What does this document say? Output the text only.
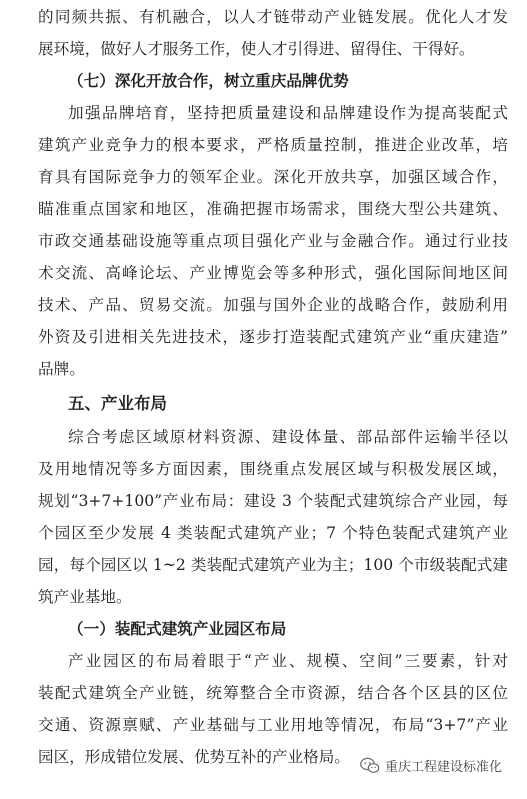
的同频共振、有机融合，以人才链带动产业链发展。优化人才发
展环境，做好人才服务工作，使人才引得进、留得住、干得好。
（七）深化开放合作，树立重庆品牌优势
加强品牌培育，坚持把质量建设和品牌建设作为提高装配式
建筑产业竞争力的根本要求，严格质量控制，推进企业改革，培
育具有国际竞争力的领军企业。深化开放共享，加强区域合作，
瞄准重点国家和地区，准确把握市场需求，围绕大型公共建筑、
市政交通基础设施等重点项目强化产业与金融合作。通过行业技
术交流、高峰论坛、产业博览会等多种形式，强化国际间地区间
技术、产品、贸易交流。加强与国外企业的战略合作，鼓励利用
外资及引进相关先进技术，逐步打造装配式建筑产业“重庆建造”
品牌。
五、产业布局
综合考虑区域原材料资源、建设体量、部品部件运输半径以
及用地情况等多方面因素，围绕重点发展区域与积极发展区域，
规划“3+7+100”产业布局：建设 3 个装配式建筑综合产业园，每
个园区至少发展 4 类装配式建筑产业；7 个特色装配式建筑产业
园，每个园区以 1~2 类装配式建筑产业为主；100 个市级装配式建
筑产业基地。
（一）装配式建筑产业园区布局
产业园区的布局着眼于“产业、规模、空间”三要素，针对
装配式建筑全产业链，统筹整合全市资源，结合各个区县的区位
交通、资源禀赋、产业基础与工业用地等情况，布局“3+7”产业
园区，形成错位发展、优势互补的产业格局。
重庆工程建设标准化
